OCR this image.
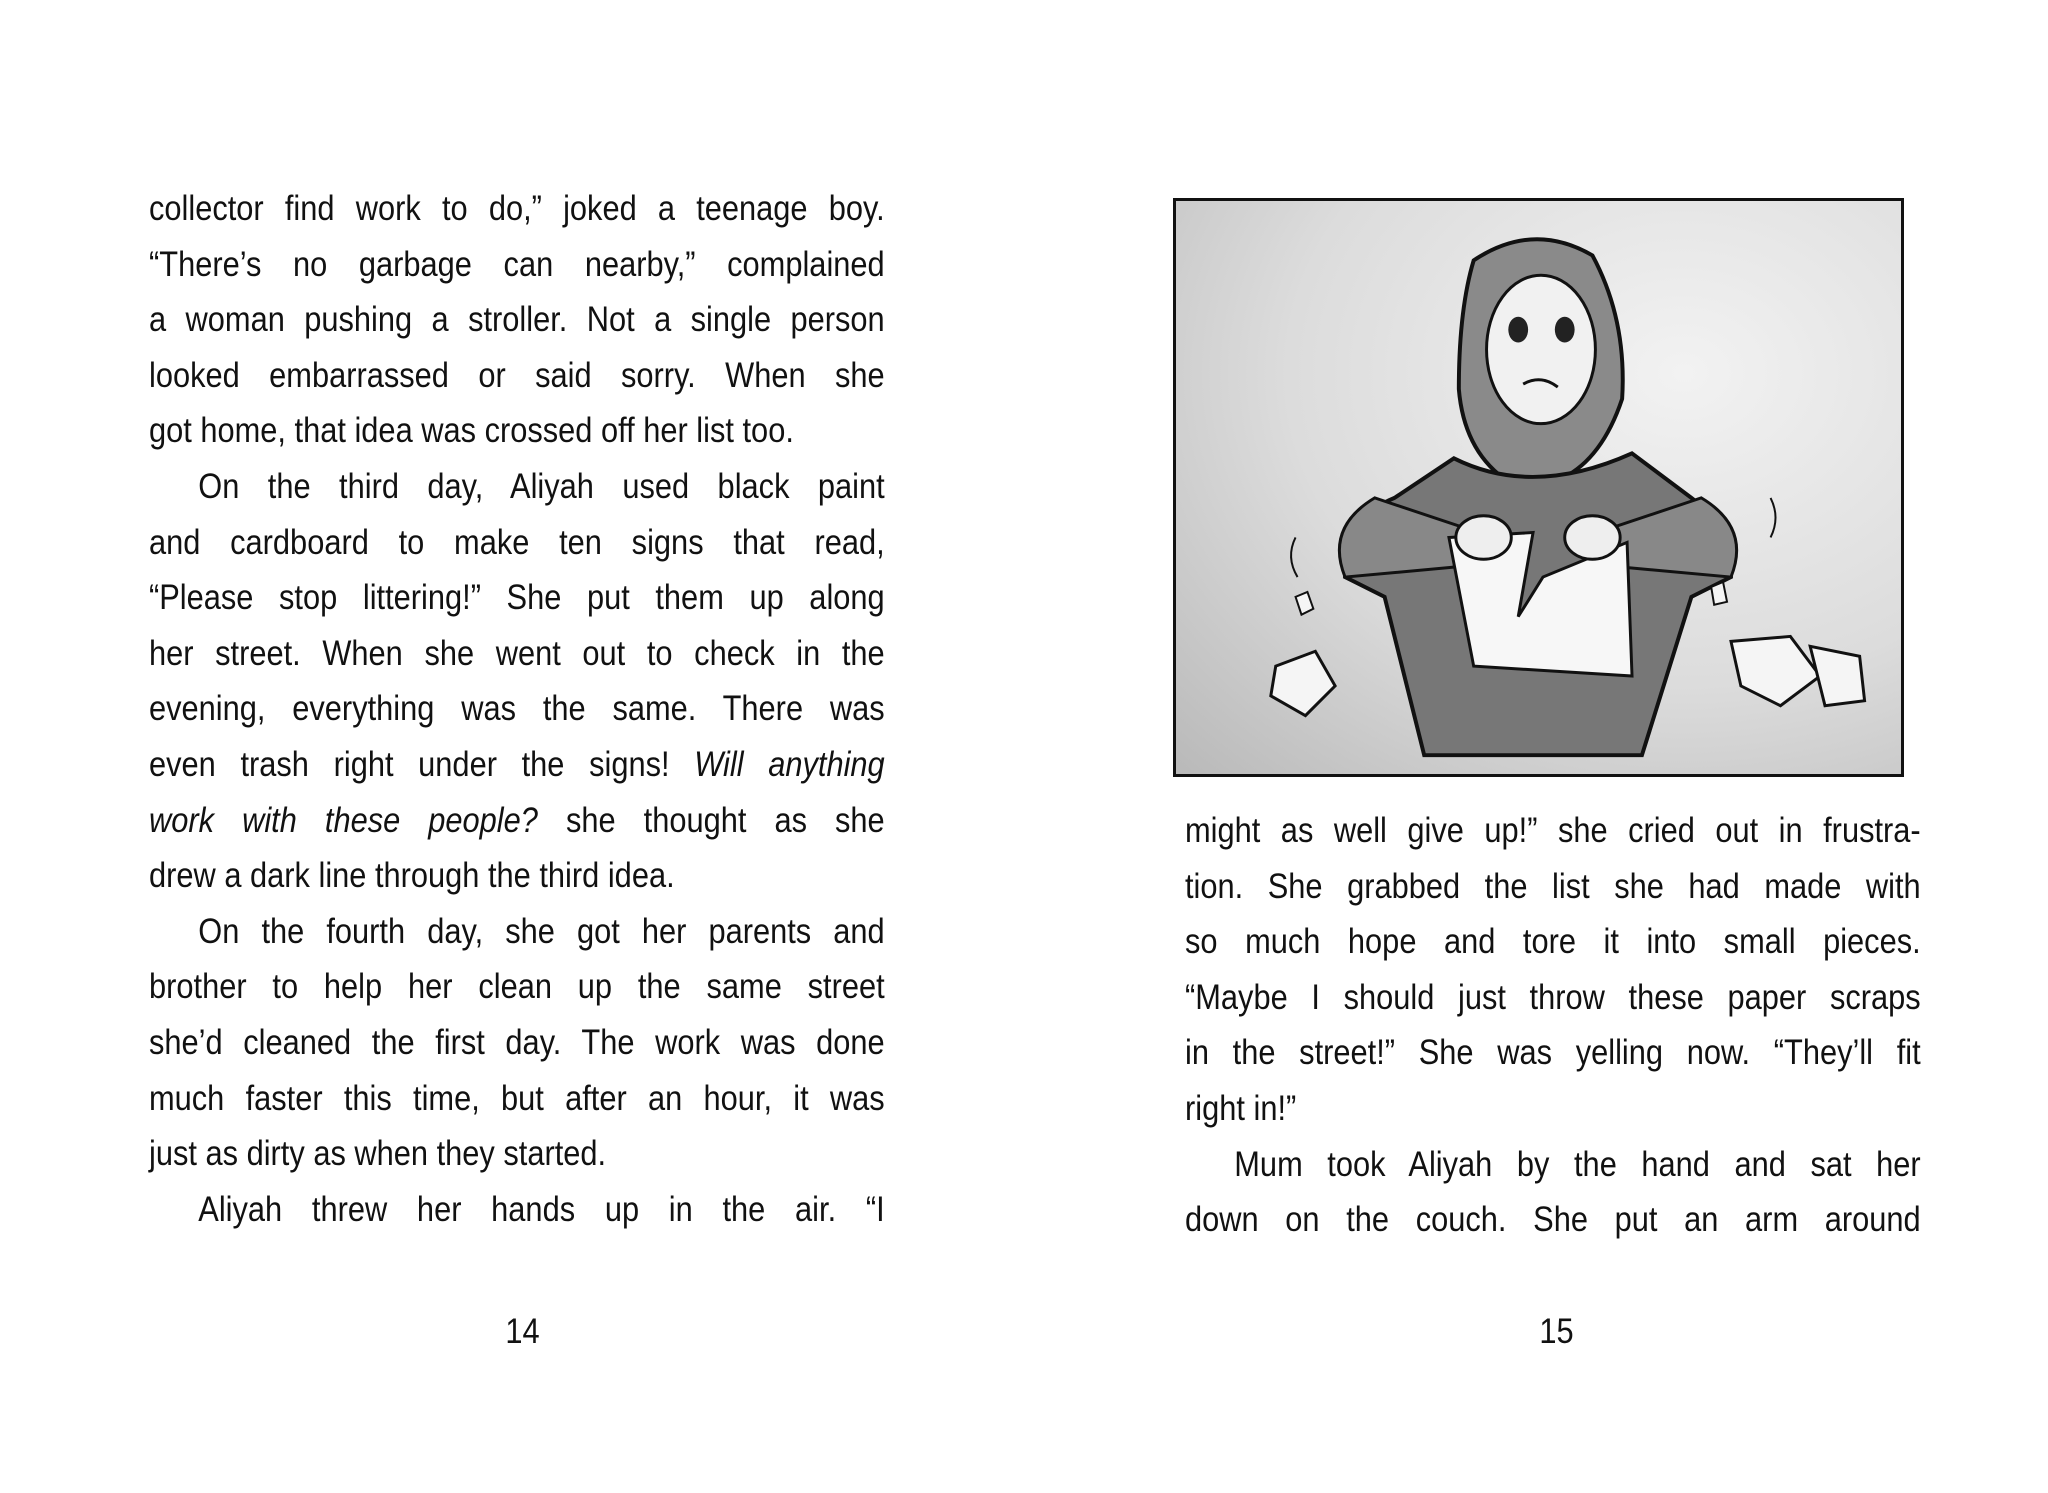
collector find work to do,” joked a teenage boy.
“There’s no garbage can nearby,” complained
a woman pushing a stroller. Not a single person
looked embarrassed or said sorry. When she
got home, that idea was crossed off her list too.
On the third day, Aliyah used black paint
and cardboard to make ten signs that read,
“Please stop littering!” She put them up along
her street. When she went out to check in the
evening, everything was the same. There was
even trash right under the signs! Will anything
work with these people? she thought as she
drew a dark line through the third idea.
On the fourth day, she got her parents and
brother to help her clean up the same street
she’d cleaned the first day. The work was done
much faster this time, but after an hour, it was
just as dirty as when they started.
Aliyah threw her hands up in the air. “I
14
might as well give up!” she cried out in frustra-
tion. She grabbed the list she had made with
so much hope and tore it into small pieces.
“Maybe I should just throw these paper scraps
in the street!” She was yelling now. “They’ll fit
right in!”
Mum took Aliyah by the hand and sat her
down on the couch. She put an arm around
15
